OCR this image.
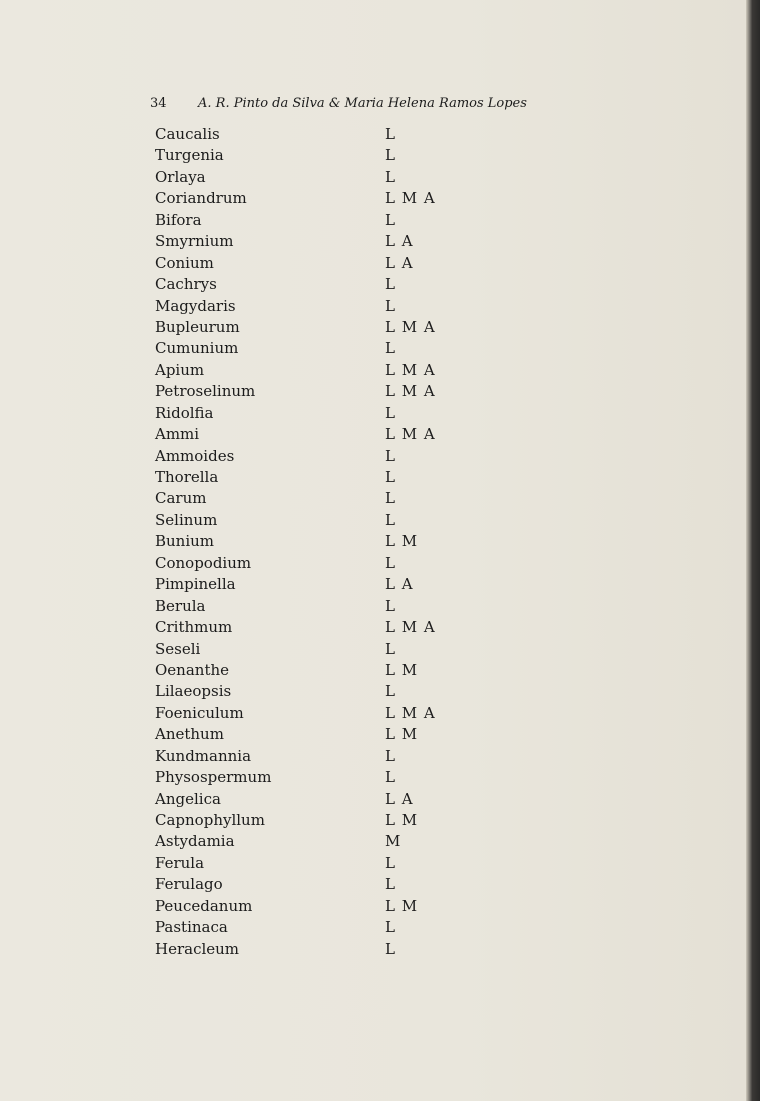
34 A. R. Pinto da Silva & Maria Helena Ramos Lopes
Caucalis	L
Turgenia	L
Orlaya	L
Coriandrum	L M A
Bifora	L
Smyrnium	L A
Conium	L A
Cachrys	L
Magydaris	L
Bupleurum	L M A
Cumunium	L
Apium	L M A
Petroselinum	L M A
Ridolfia	L
Ammi	L M A
Ammoides	L
Thorella	L
Carum	L
Selinum	L
Bunium	L M
Conopodium	L
Pimpinella	L A
Berula	L
Crithmum	L M A
Seseli	L
Oenanthe	L M
Lilaeopsis	L
Foeniculum	L M A
Anethum	L M
Kundmannia	L
Physospermum	L
Angelica	L A
Capnophyllum	L M
Astydamia	M
Ferula	L
Ferulago	L
Peucedanum	L M
Pastinaca	L
Heracleum	L
